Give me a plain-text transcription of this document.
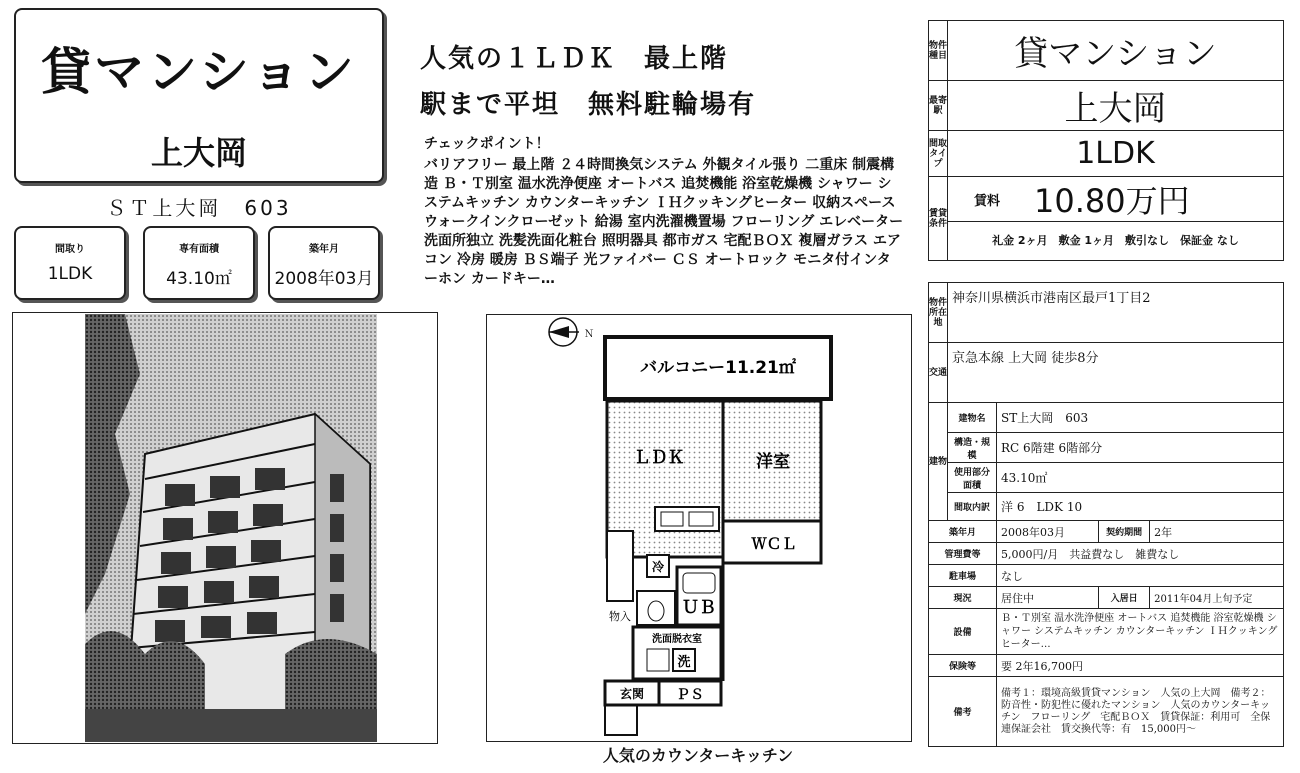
貸マンション
上大岡
ＳＴ上大岡　603
間取り
1LDK
専有面積
43.10㎡
築年月
2008年03月
人気の１ＬＤＫ　最上階
駅まで平坦　無料駐輪場有
チェックポイント！
バリアフリー 最上階 ２４時間換気システム 外観タイル張り 二重床 制震構造 Ｂ・Ｔ別室 温水洗浄便座 オートバス 追焚機能 浴室乾燥機 シャワー システムキッチン カウンターキッチン ＩＨクッキングヒーター 収納スペース ウォークインクローゼット 給湯 室内洗濯機置場 フローリング エレベーター 洗面所独立 洗髪洗面化粧台 照明器具 都市ガス 宅配ＢＯＸ 複層ガラス エアコン 冷房 暖房 ＢＳ端子 光ファイバー ＣＳ オートロック モニタ付インターホン カードキー…
Ｎ
バルコニー11.21㎡
ＬＤＫ	洋室
ＷＣＬ
物入
冷
ＵＢ
洗面脱衣室
洗
玄関 ＰＳ
人気のカウンターキッチン
物件種目	貸マンション
最寄駅	上大岡
間取タイプ	1LDK
賃貸条件	賃料 10.80万円
礼金 2ヶ月　敷金 1ヶ月　敷引なし　保証金 なし
物件所在地	神奈川県横浜市港南区最戸1丁目2			
交通	京急本線 上大岡 徒歩8分			
建物	建物名	ST上大岡　603		
	構造・規模	RC 6階建 6階部分		
	使用部分面積	43.10㎡		
	間取内訳	洋 6　LDK 10		
築年月		2008年03月	契約期間	2年
管理費等		5,000円/月　共益費なし　雑費なし		
駐車場		なし		
現況		居住中	入居日	2011年04月上旬予定
設備		Ｂ・Ｔ別室 温水洗浄便座 オートバス 追焚機能 浴室乾燥機 シャワー システムキッチン カウンターキッチン ＩＨクッキングヒーター…		
保険等		要 2年16,700円		
備考		備考１：環境高級賃貸マンション　人気の上大岡　備考２：防音性・防犯性に優れたマンション　人気のカウンターキッチン　フローリング　宅配ＢＯＸ　賃貸保証：利用可　全保連保証会社　賃交換代等：有　15,000円～		
